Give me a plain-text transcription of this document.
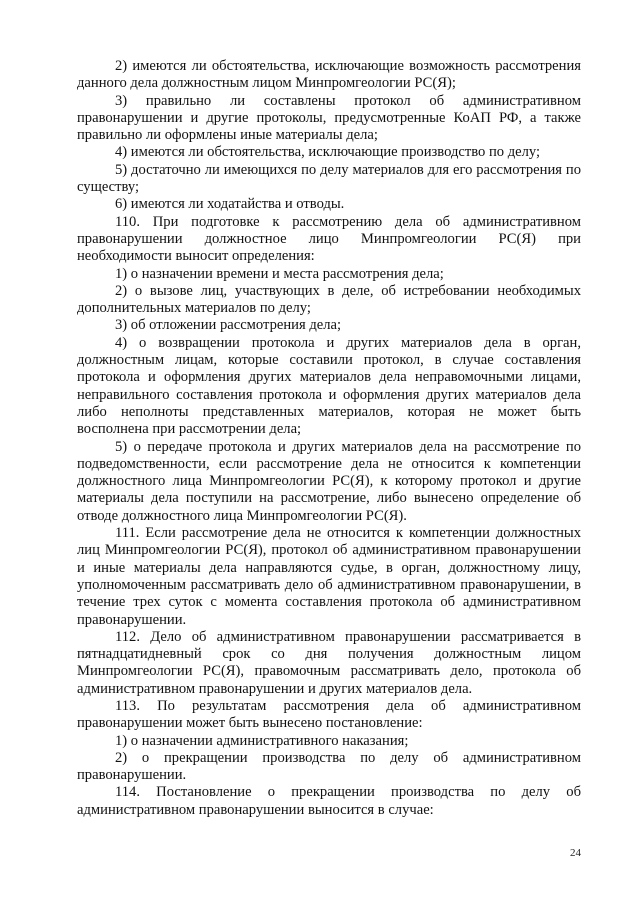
2) имеются ли обстоятельства, исключающие возможность рассмотрения данного дела должностным лицом Минпромгеологии РС(Я);

3) правильно ли составлены протокол об административном правонарушении и другие протоколы, предусмотренные КоАП РФ, а также правильно ли оформлены иные материалы дела;

4) имеются ли обстоятельства, исключающие производство по делу;

5) достаточно ли имеющихся по делу материалов для его рассмотрения по существу;

6) имеются ли ходатайства и отводы.

110. При подготовке к рассмотрению дела об административном правонарушении должностное лицо Минпромгеологии РС(Я) при необходимости выносит определения:

1) о назначении времени и места рассмотрения дела;

2) о вызове лиц, участвующих в деле, об истребовании необходимых дополнительных материалов по делу;

3) об отложении рассмотрения дела;

4) о возвращении протокола и других материалов дела в орган, должностным лицам, которые составили протокол, в случае составления протокола и оформления других материалов дела неправомочными лицами, неправильного составления протокола и оформления других материалов дела либо неполноты представленных материалов, которая не может быть восполнена при рассмотрении дела;

5) о передаче протокола и других материалов дела на рассмотрение по подведомственности, если рассмотрение дела не относится к компетенции должностного лица Минпромгеологии РС(Я), к которому протокол и другие материалы дела поступили на рассмотрение, либо вынесено определение об отводе должностного лица Минпромгеологии РС(Я).

111. Если рассмотрение дела не относится к компетенции должностных лиц Минпромгеологии РС(Я), протокол об административном правонарушении и иные материалы дела направляются судье, в орган, должностному лицу, уполномоченным рассматривать дело об административном правонарушении, в течение трех суток с момента составления протокола об административном правонарушении.

112. Дело об административном правонарушении рассматривается в пятнадцатидневный срок со дня получения должностным лицом Минпромгеологии РС(Я), правомочным рассматривать дело, протокола об административном правонарушении и других материалов дела.

113. По результатам рассмотрения дела об административном правонарушении может быть вынесено постановление:

1) о назначении административного наказания;

2) о прекращении производства по делу об административном правонарушении.

114. Постановление о прекращении производства по делу об административном правонарушении выносится в случае:

24
